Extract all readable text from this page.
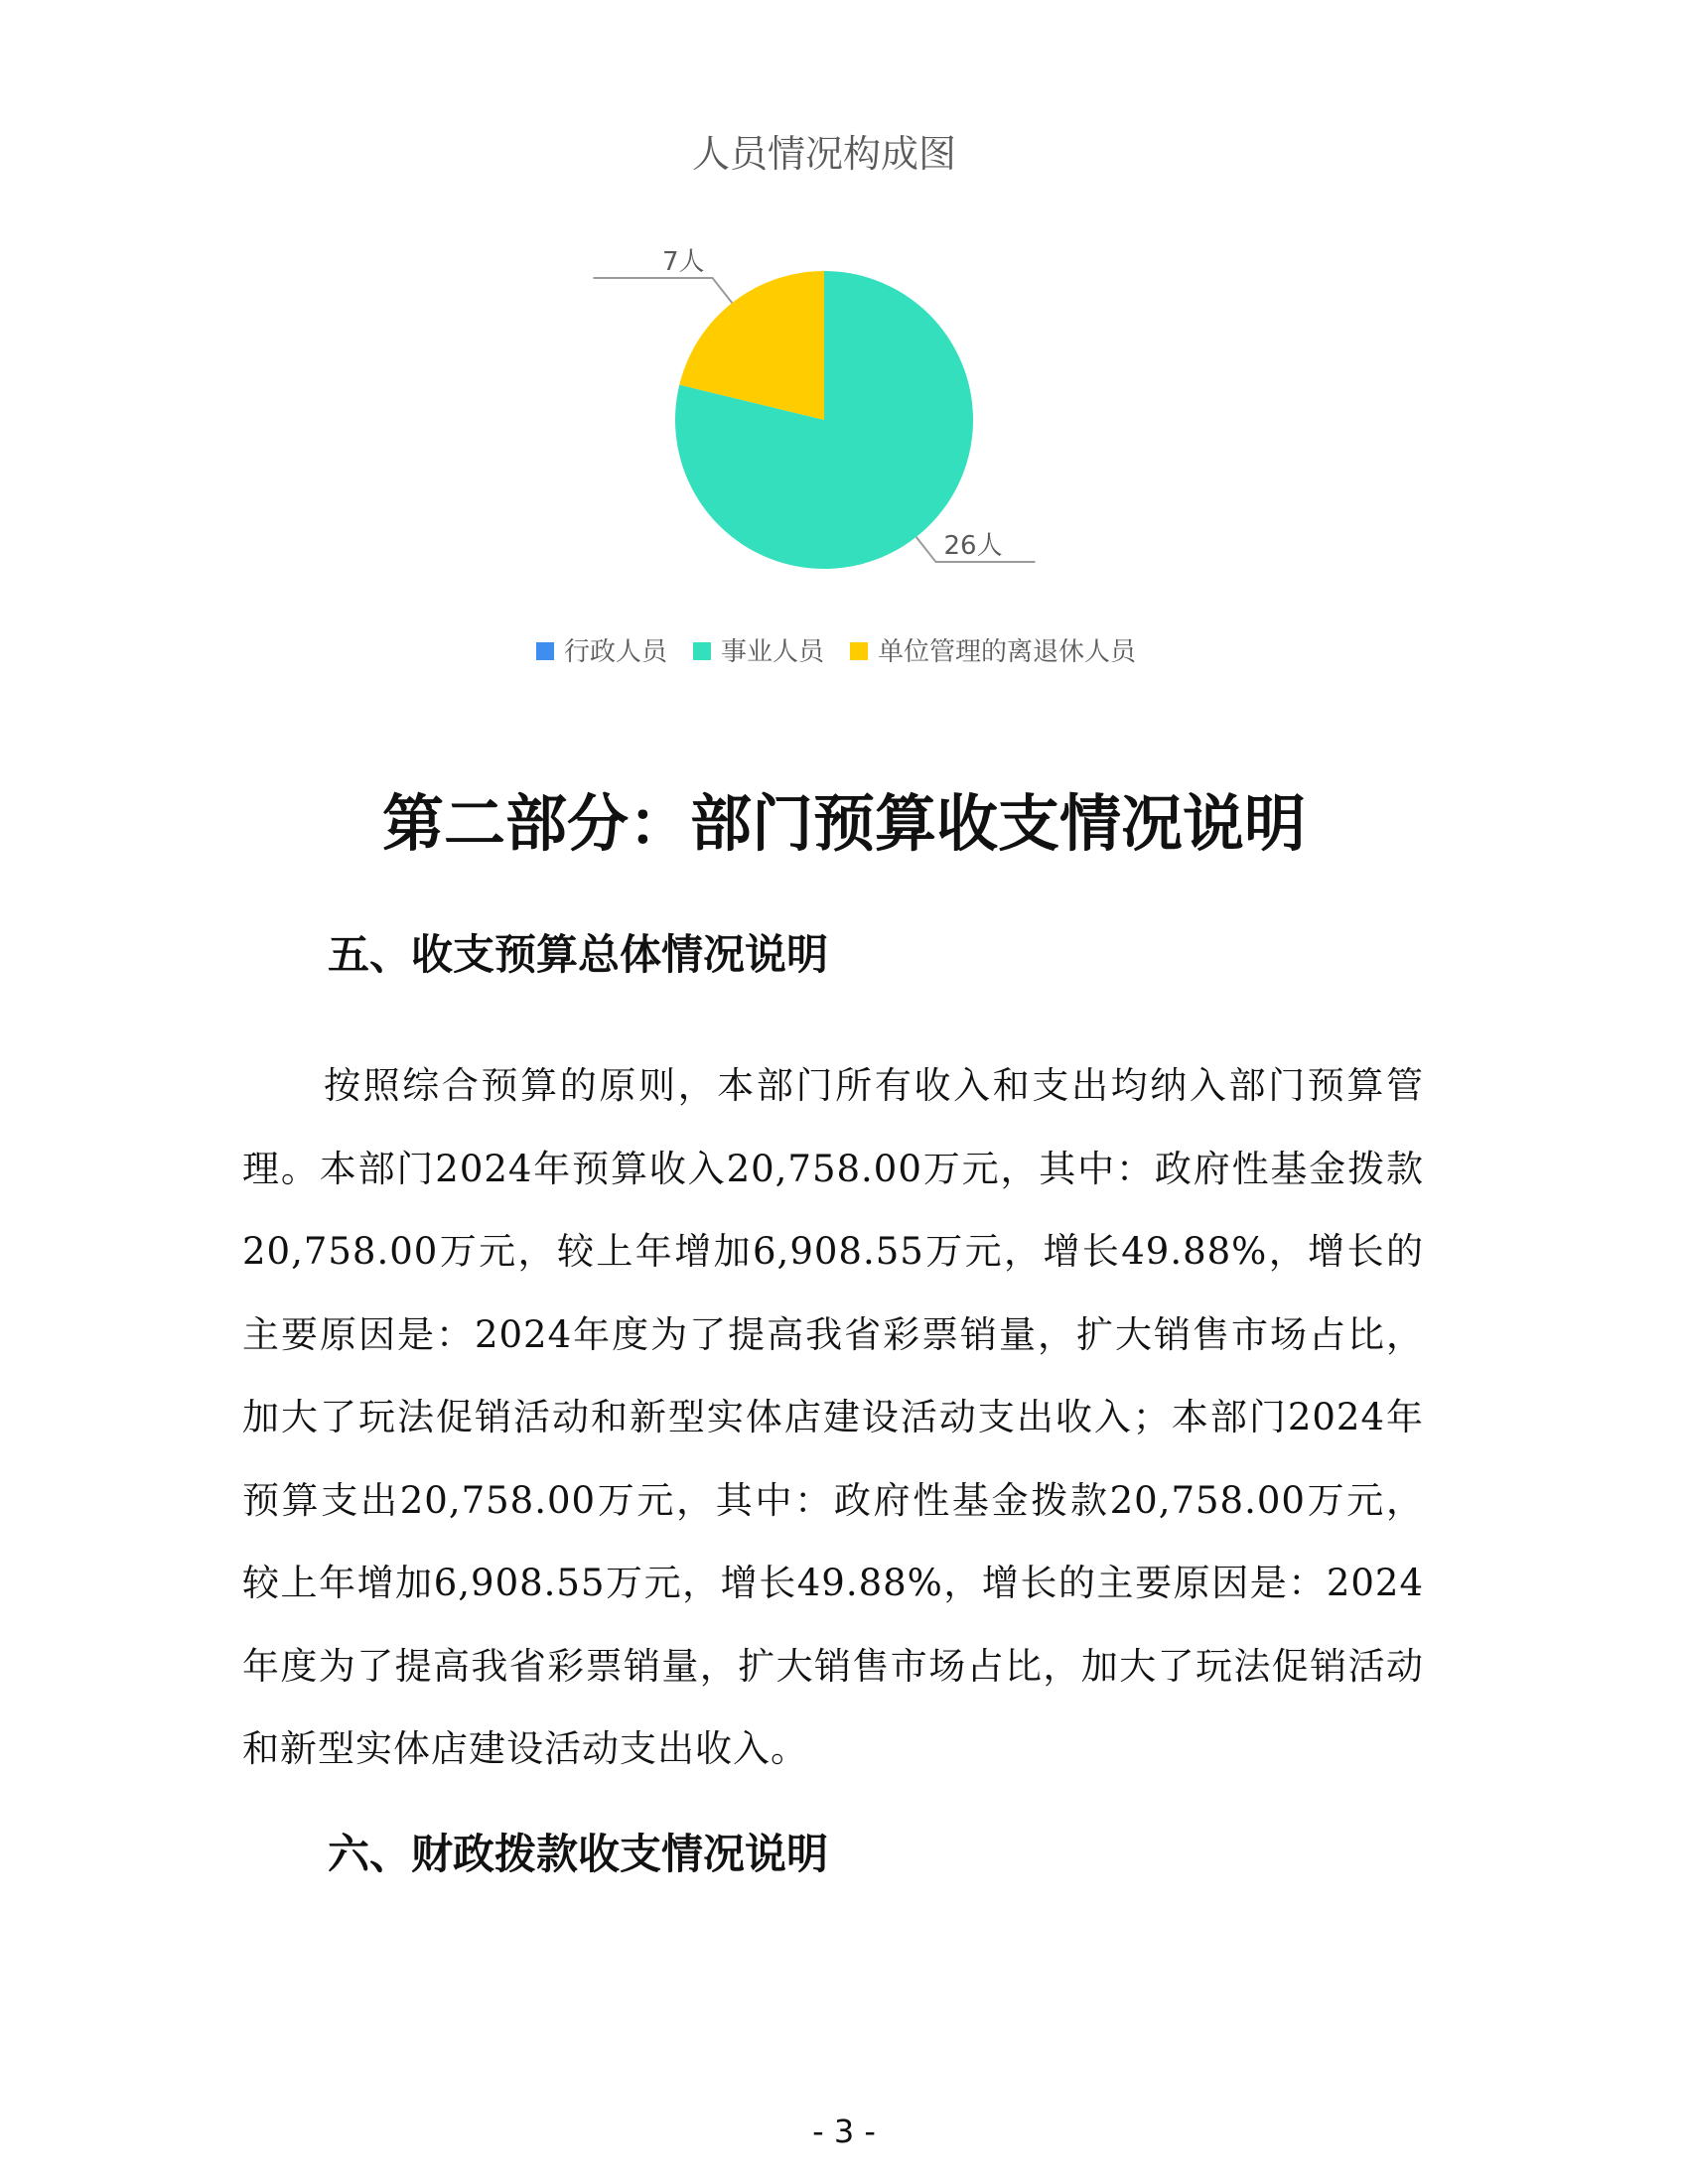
人员情况构成图
26人
7人
行政人员 事业人员 单位管理的离退休人员
第二部分：部门预算收支情况说明
五、收支预算总体情况说明

按照综合预算的原则，本部门所有收入和支出均纳入部门预算管理。本部门2024年预算收入20,758.00万元，其中：政府性基金拨款20,758.00万元，较上年增加6,908.55万元，增长49.88%，增长的主要原因是：2024年度为了提高我省彩票销量，扩大销售市场占比，加大了玩法促销活动和新型实体店建设活动支出收入；本部门2024年预算支出20,758.00万元，其中：政府性基金拨款20,758.00万元，较上年增加6,908.55万元，增长49.88%，增长的主要原因是：2024年度为了提高我省彩票销量，扩大销售市场占比，加大了玩法促销活动和新型实体店建设活动支出收入。

六、财政拨款收支情况说明
- 3 -
